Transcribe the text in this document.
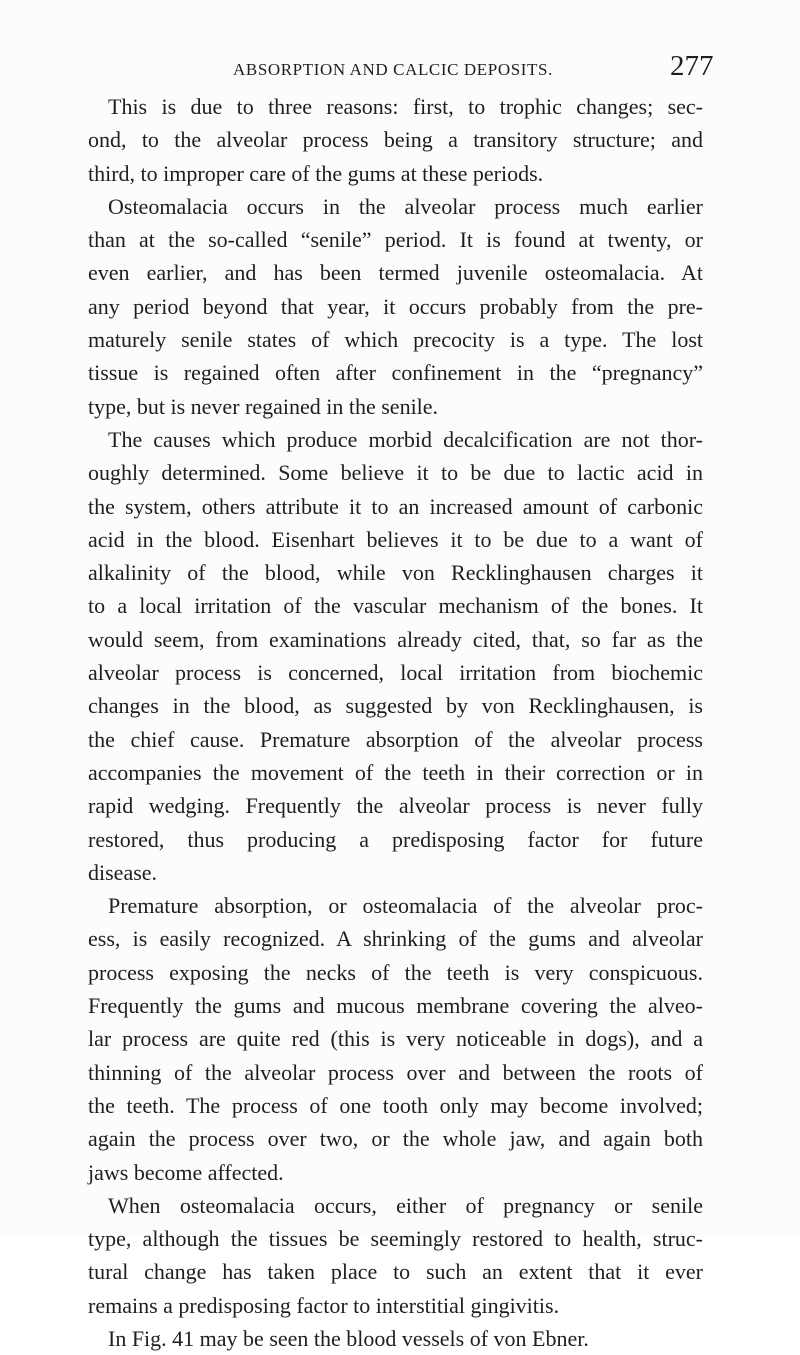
ABSORPTION AND CALCIC DEPOSITS.	277
This is due to three reasons: first, to trophic changes; sec-
ond, to the alveolar process being a transitory structure; and
third, to improper care of the gums at these periods.
Osteomalacia occurs in the alveolar process much earlier
than at the so-called “senile” period. It is found at twenty, or
even earlier, and has been termed juvenile osteomalacia. At
any period beyond that year, it occurs probably from the pre-
maturely senile states of which precocity is a type. The lost
tissue is regained often after confinement in the “pregnancy”
type, but is never regained in the senile.
The causes which produce morbid decalcification are not thor-
oughly determined. Some believe it to be due to lactic acid in
the system, others attribute it to an increased amount of carbonic
acid in the blood. Eisenhart believes it to be due to a want of
alkalinity of the blood, while von Recklinghausen charges it
to a local irritation of the vascular mechanism of the bones. It
would seem, from examinations already cited, that, so far as the
alveolar process is concerned, local irritation from biochemic
changes in the blood, as suggested by von Recklinghausen, is
the chief cause. Premature absorption of the alveolar process
accompanies the movement of the teeth in their correction or in
rapid wedging. Frequently the alveolar process is never fully
restored, thus producing a predisposing factor for future
disease.
Premature absorption, or osteomalacia of the alveolar proc-
ess, is easily recognized. A shrinking of the gums and alveolar
process exposing the necks of the teeth is very conspicuous.
Frequently the gums and mucous membrane covering the alveo-
lar process are quite red (this is very noticeable in dogs), and a
thinning of the alveolar process over and between the roots of
the teeth. The process of one tooth only may become involved;
again the process over two, or the whole jaw, and again both
jaws become affected.
When osteomalacia occurs, either of pregnancy or senile
type, although the tissues be seemingly restored to health, struc-
tural change has taken place to such an extent that it ever
remains a predisposing factor to interstitial gingivitis.
In Fig. 41 may be seen the blood vessels of von Ebner.
